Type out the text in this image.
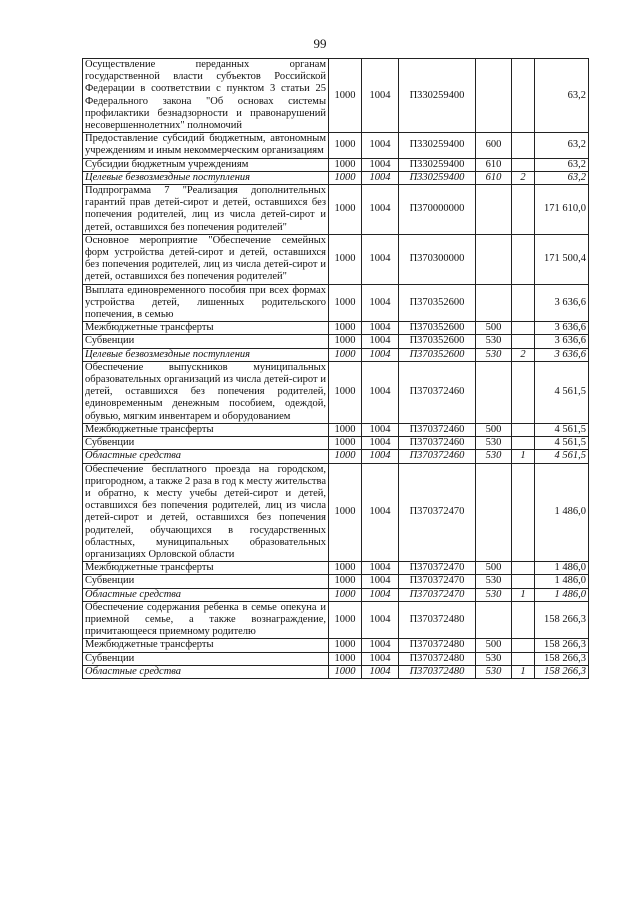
99
Осуществление переданных органам государственной власти субъектов Российской Федерации в соответствии с пунктом 3 статьи 25 Федерального закона "Об основах системы профилактики безнадзорности и правонарушений несовершеннолетних" полномочий	1000	1004	П330259400			63,2
Предоставление субсидий бюджетным, автономным учреждениям и иным некоммерческим организациям	1000	1004	П330259400	600		63,2
Субсидии бюджетным учреждениям	1000	1004	П330259400	610		63,2
Целевые безвозмездные поступления	1000	1004	П330259400	610	2	63,2
Подпрограмма 7 "Реализация дополнительных гарантий прав детей-сирот и детей, оставшихся без попечения родителей, лиц из числа детей-сирот и детей, оставшихся без попечения родителей"	1000	1004	П370000000			171 610,0
Основное мероприятие "Обеспечение семейных форм устройства детей-сирот и детей, оставшихся без попечения родителей, лиц из числа детей-сирот и детей, оставшихся без попечения родителей"	1000	1004	П370300000			171 500,4
Выплата единовременного пособия при всех формах устройства детей, лишенных родительского попечения, в семью	1000	1004	П370352600			3 636,6
Межбюджетные трансферты	1000	1004	П370352600	500		3 636,6
Субвенции	1000	1004	П370352600	530		3 636,6
Целевые безвозмездные поступления	1000	1004	П370352600	530	2	3 636,6
Обеспечение выпускников муниципальных образовательных организаций из числа детей-сирот и детей, оставшихся без попечения родителей, единовременным денежным пособием, одеждой, обувью, мягким инвентарем и оборудованием	1000	1004	П370372460			4 561,5
Межбюджетные трансферты	1000	1004	П370372460	500		4 561,5
Субвенции	1000	1004	П370372460	530		4 561,5
Областные средства	1000	1004	П370372460	530	1	4 561,5
Обеспечение бесплатного проезда на городском, пригородном, а также 2 раза в год к месту жительства и обратно, к месту учебы детей-сирот и детей, оставшихся без попечения родителей, лиц из числа детей-сирот и детей, оставшихся без попечения родителей, обучающихся в государственных областных, муниципальных образовательных организациях Орловской области	1000	1004	П370372470			1 486,0
Межбюджетные трансферты	1000	1004	П370372470	500		1 486,0
Субвенции	1000	1004	П370372470	530		1 486,0
Областные средства	1000	1004	П370372470	530	1	1 486,0
Обеспечение содержания ребенка в семье опекуна и приемной семье, а также вознаграждение, причитающееся приемному родителю	1000	1004	П370372480			158 266,3
Межбюджетные трансферты	1000	1004	П370372480	500		158 266,3
Субвенции	1000	1004	П370372480	530		158 266,3
Областные средства	1000	1004	П370372480	530	1	158 266,3
